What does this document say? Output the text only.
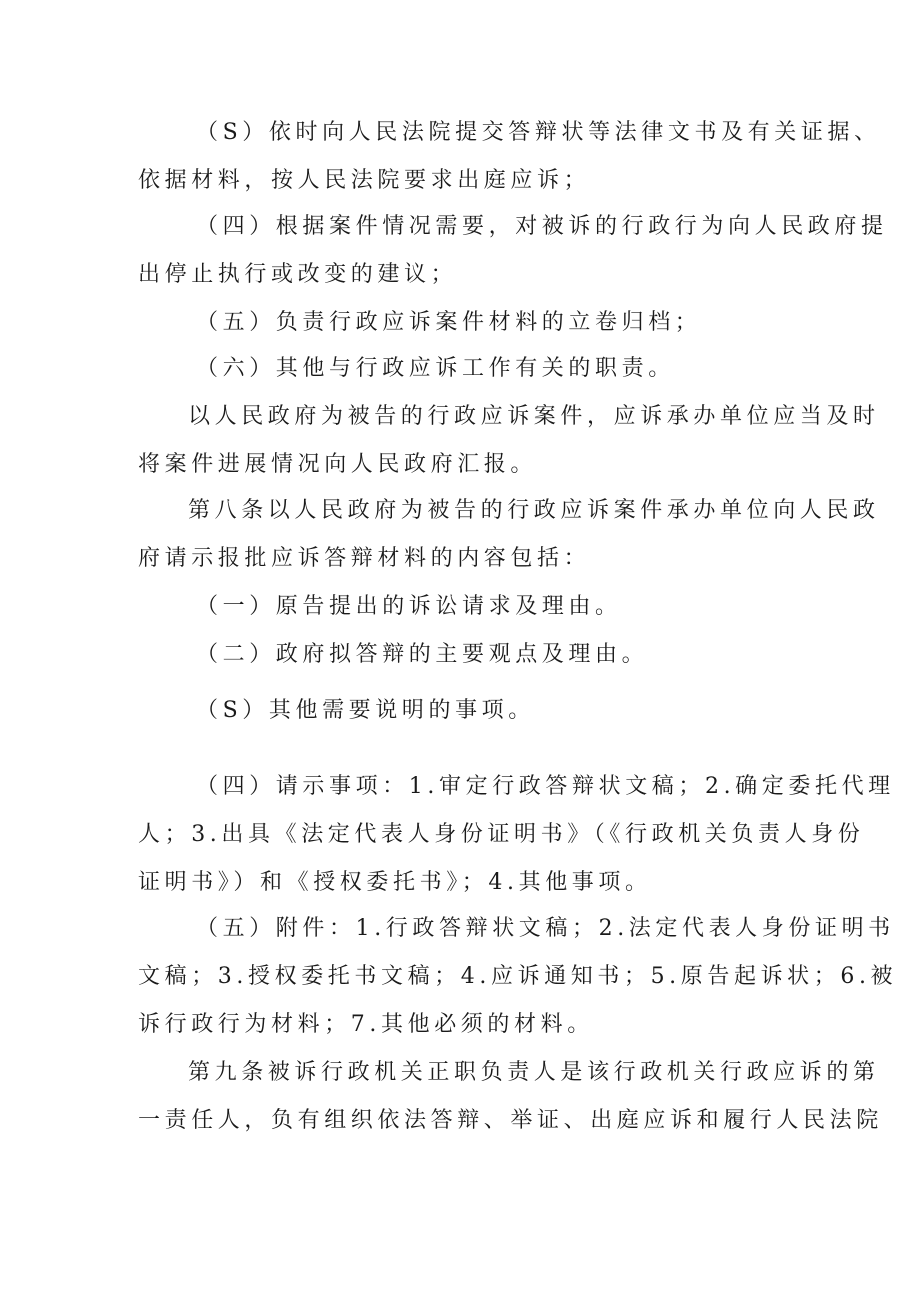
（S）依时向人民法院提交答辩状等法律文书及有关证据、
依据材料，按人民法院要求出庭应诉；
（四）根据案件情况需要，对被诉的行政行为向人民政府提
出停止执行或改变的建议；
（五）负责行政应诉案件材料的立卷归档；
（六）其他与行政应诉工作有关的职责。
以人民政府为被告的行政应诉案件，应诉承办单位应当及时
将案件进展情况向人民政府汇报。
第八条以人民政府为被告的行政应诉案件承办单位向人民政
府请示报批应诉答辩材料的内容包括：
（一）原告提出的诉讼请求及理由。
（二）政府拟答辩的主要观点及理由。
（S）其他需要说明的事项。
（四）请示事项：1.审定行政答辩状文稿；2.确定委托代理
人；3.出具《法定代表人身份证明书》（《行政机关负责人身份
证明书》）和《授权委托书》；4.其他事项。
（五）附件：1.行政答辩状文稿；2.法定代表人身份证明书
文稿；3.授权委托书文稿；4.应诉通知书；5.原告起诉状；6.被
诉行政行为材料；7.其他必须的材料。
第九条被诉行政机关正职负责人是该行政机关行政应诉的第
一责任人，负有组织依法答辩、举证、出庭应诉和履行人民法院
